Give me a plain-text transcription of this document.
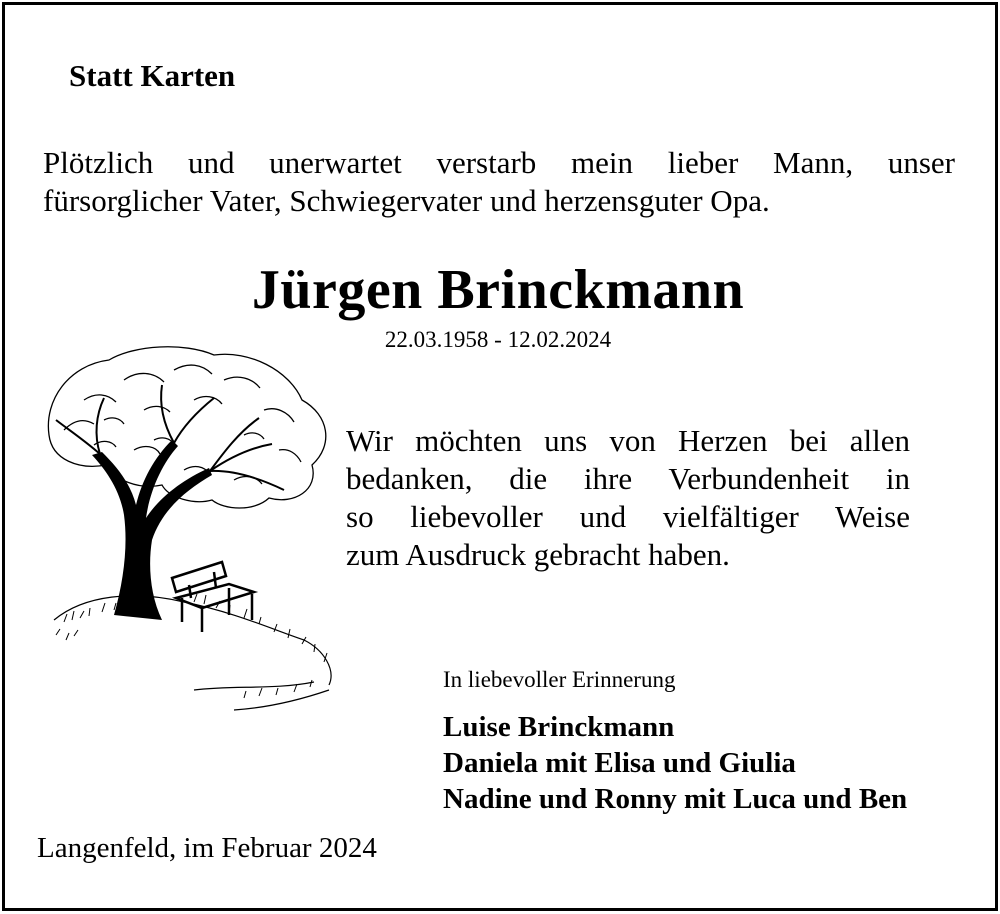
Statt Karten

Plötzlich und unerwartet verstarb mein lieber Mann, unser

fürsorglicher Vater, Schwiegervater und herzensguter Opa.

Jürgen Brinckmann
22.03.1958 - 12.02.2024

Wir möchten uns von Herzen bei allen

bedanken, die ihre Verbundenheit in

so liebevoller und vielfältiger Weise

zum Ausdruck gebracht haben.

In liebevoller Erinnerung
Luise Brinckmann
Daniela mit Elisa und Giulia
Nadine und Ronny mit Luca und Ben
Langenfeld, im Februar 2024
